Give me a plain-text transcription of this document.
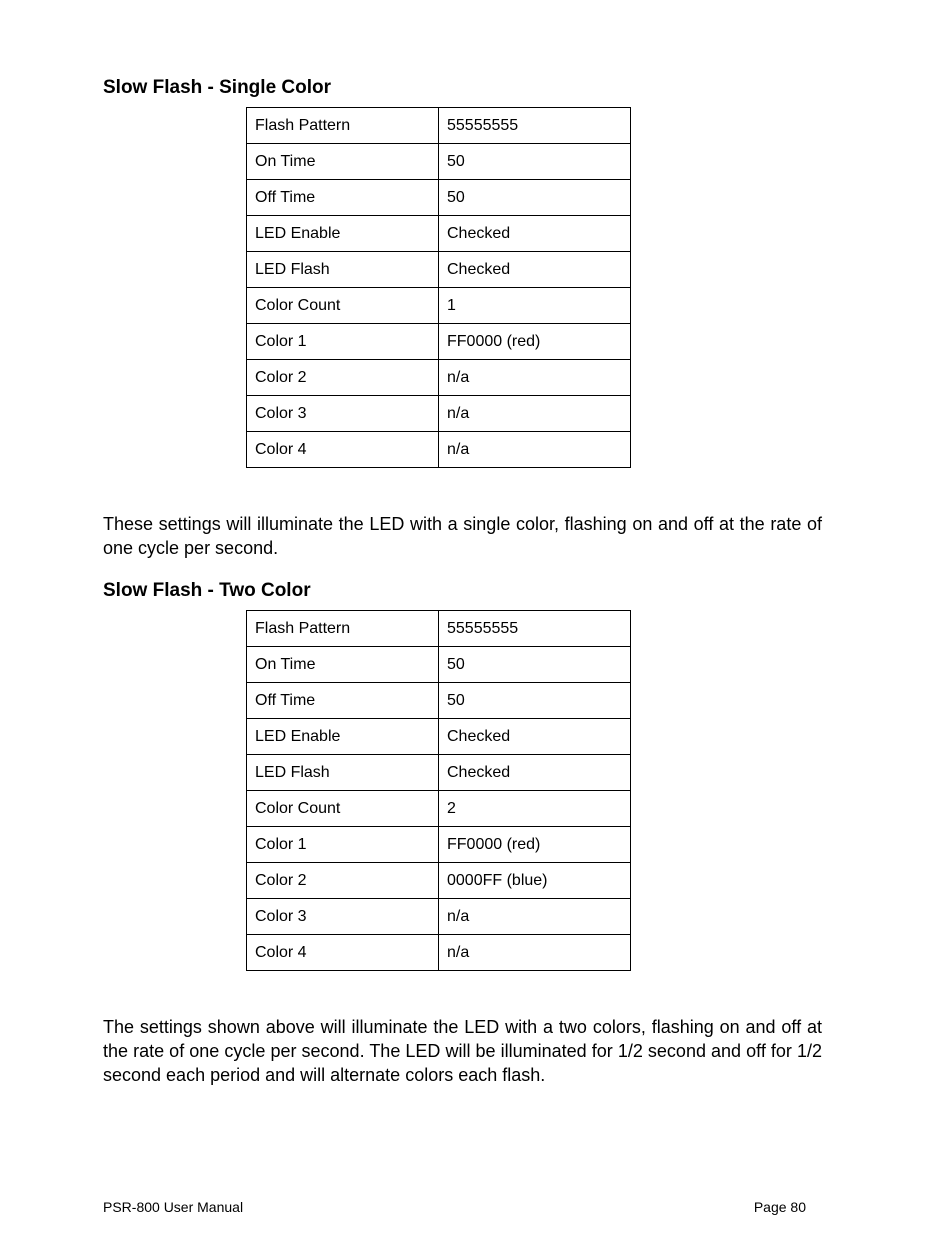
Slow Flash - Single Color
Flash Pattern	55555555
On Time	50
Off Time	50
LED Enable	Checked
LED Flash	Checked
Color Count	1
Color 1	FF0000 (red)
Color 2	n/a
Color 3	n/a
Color 4	n/a

These settings will illuminate the LED with a single color, flashing on and off at the rate of one cycle per second.

Slow Flash - Two Color
Flash Pattern	55555555
On Time	50
Off Time	50
LED Enable	Checked
LED Flash	Checked
Color Count	2
Color 1	FF0000 (red)
Color 2	0000FF (blue)
Color 3	n/a
Color 4	n/a

The settings shown above will illuminate the LED with a two colors, flashing on and off at the rate of one cycle per second. The LED will be illuminated for 1/2 second and off for 1/2 second each period and will alternate colors each flash.

PSR-800 User Manual	Page 80
